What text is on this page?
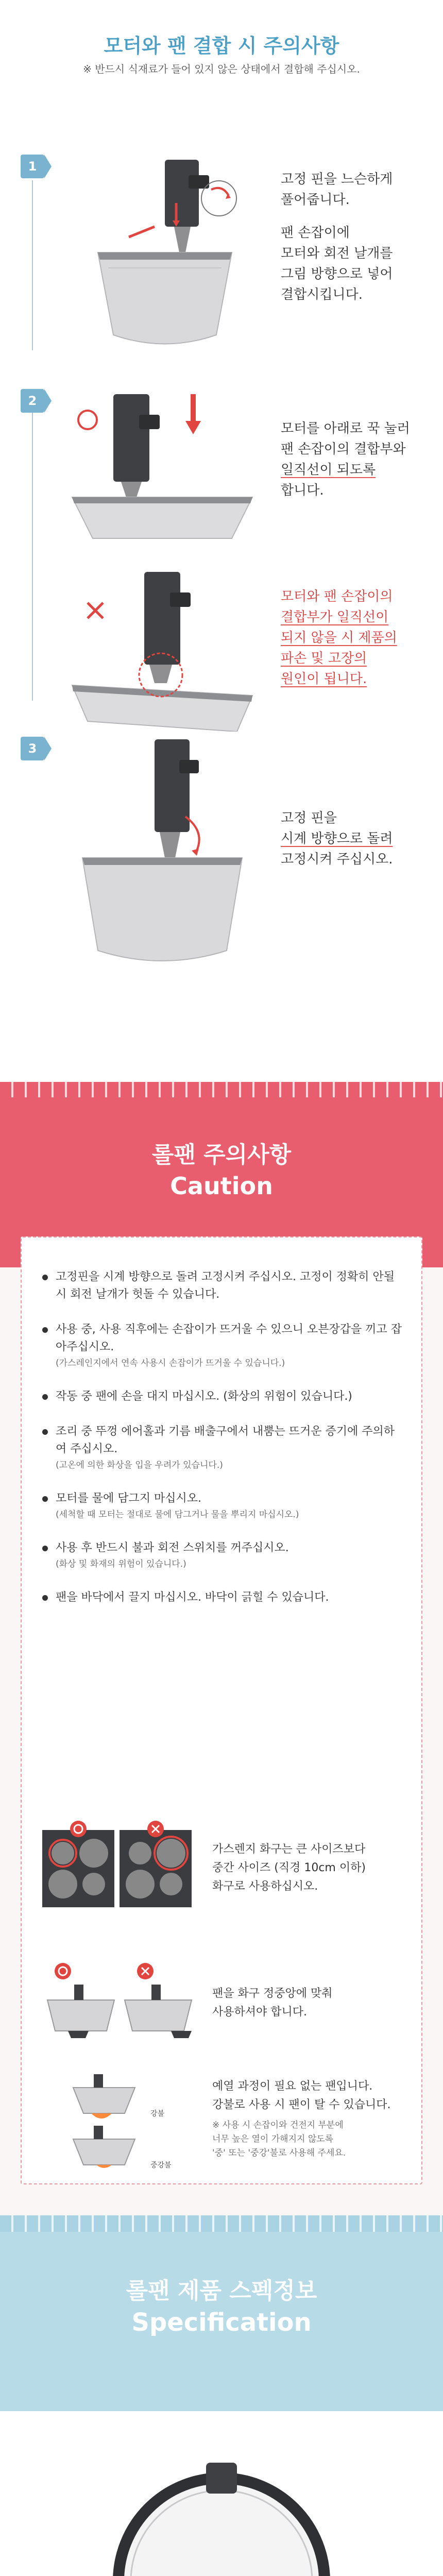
모터와 팬 결합 시 주의사항
※ 반드시 식재료가 들어 있지 않은 상태에서 결합해 주십시오.
1
고정 핀을 느슨하게
풀어줍니다.
팬 손잡이에
모터와 회전 날개를
그림 방향으로 넣어
결합시킵니다.
2
모터를 아래로 꾹 눌러
팬 손잡이의 결합부와
일직선이 되도록
합니다.
모터와 팬 손잡이의
결합부가 일직선이
되지 않을 시 제품의
파손 및 고장의
원인이 됩니다.
3
고정 핀을
시계 방향으로 돌려
고정시켜 주십시오.
롤팬 주의사항
Caution
고정핀을 시계 방향으로 돌려 고정시켜 주십시오. 고정이 정확히 안될 시 회전 날개가 헛돌 수 있습니다.
사용 중, 사용 직후에는 손잡이가 뜨거울 수 있으니 오븐장갑을 끼고 잡아주십시오.
(가스레인지에서 연속 사용시 손잡이가 뜨거울 수 있습니다.)
작동 중 팬에 손을 대지 마십시오. (화상의 위험이 있습니다.)
조리 중 뚜껑 에어홀과 기름 배출구에서 내뿜는 뜨거운 증기에 주의하여 주십시오.
(고온에 의한 화상을 입을 우려가 있습니다.)
모터를 물에 담그지 마십시오.
(세척할 때 모터는 절대로 물에 담그거나 물을 뿌리지 마십시오.)
사용 후 반드시 불과 회전 스위치를 꺼주십시오.
(화상 및 화재의 위험이 있습니다.)
팬을 바닥에서 끌지 마십시오. 바닥이 긁힐 수 있습니다.
가스렌지 화구는 큰 사이즈보다
중간 사이즈 (직경 10cm 이하)
화구로 사용하십시오.
팬을 화구 정중앙에 맞춰
사용하셔야 합니다.
강불
중강불
예열 과정이 필요 없는 팬입니다.
강불로 사용 시 팬이 탈 수 있습니다.
※ 사용 시 손잡이와 건전지 부분에
너무 높은 열이 가해지지 않도록
'중' 또는 '중강'불로 사용해 주세요.
롤팬 제품 스펙정보
Specification
